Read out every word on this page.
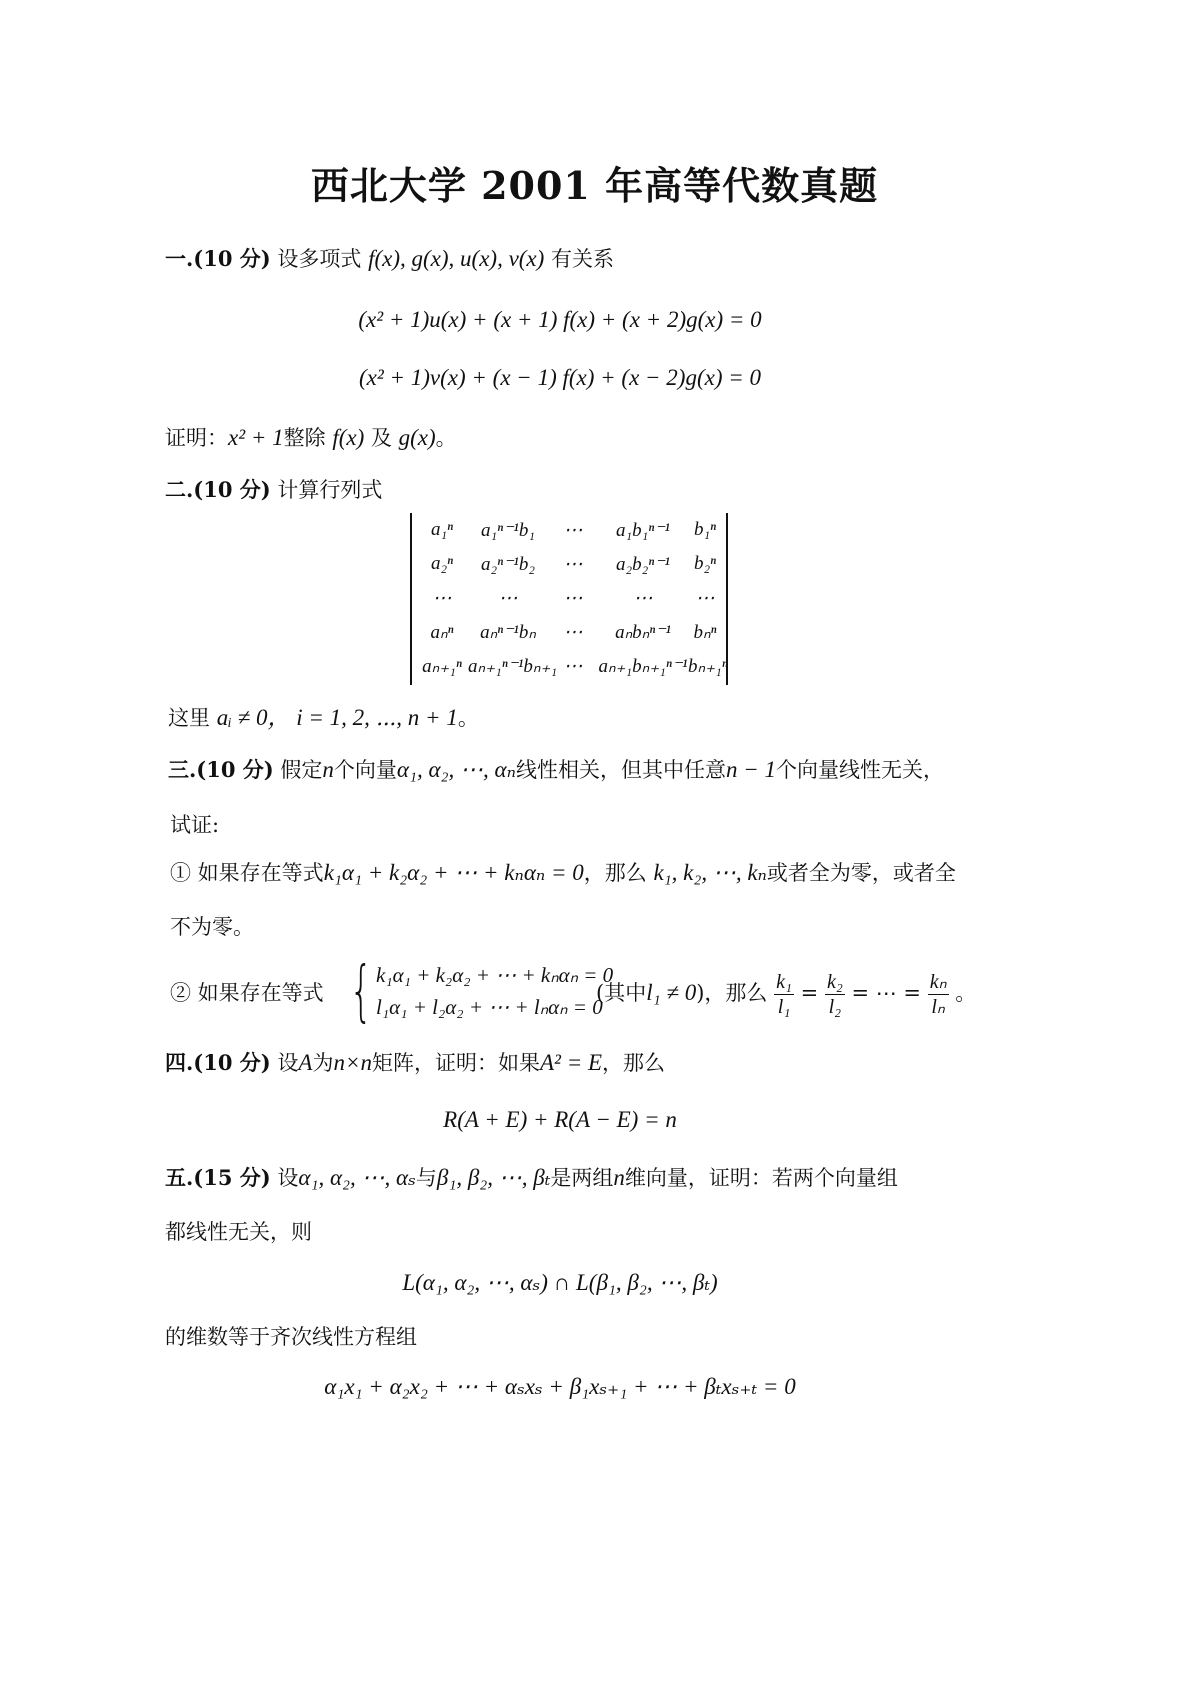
西北大学 2001 年高等代数真题
一.(10 分) 设多项式 f(x), g(x), u(x), v(x) 有关系
(x² + 1)u(x) + (x + 1) f(x) + (x + 2)g(x) = 0
(x² + 1)v(x) + (x − 1) f(x) + (x − 2)g(x) = 0
证明：x² + 1整除 f(x) 及 g(x)。
二.(10 分) 计算行列式
a₁ⁿ	a₁ⁿ⁻¹b₁	⋯	a₁b₁ⁿ⁻¹	b₁ⁿ
a₂ⁿ	a₂ⁿ⁻¹b₂	⋯	a₂b₂ⁿ⁻¹	b₂ⁿ
⋯	⋯	⋯	⋯	⋯
aₙⁿ	aₙⁿ⁻¹bₙ	⋯	aₙbₙⁿ⁻¹	bₙⁿ
aₙ₊₁ⁿ aₙ₊₁ⁿ⁻¹bₙ₊₁ ⋯ aₙ₊₁bₙ₊₁ⁿ⁻¹ bₙ₊₁ⁿ
这里 aᵢ ≠ 0， i = 1, 2, ⋯, n + 1。
三.(10 分) 假定n个向量α₁, α₂, ⋯, αₙ线性相关，但其中任意n − 1个向量线性无关，
试证:
① 如果存在等式k₁α₁ + k₂α₂ + ⋯ + kₙαₙ = 0，那么 k₁, k₂, ⋯, kₙ或者全为零，或者全
不为零。
② 如果存在等式 { k₁α₁ + k₂α₂ + ⋯ + kₙαₙ = 0
l₁α₁ + l₂α₂ + ⋯ + lₙαₙ = 0
(其中l₁ ≠ 0)，那么 $\frac{\text{k₁}}{\text{l₁}} = \frac{\text{k₂}}{\text{l₂}}$ = ⋯ = $\frac{\text{kₙ}}{\text{lₙ}}$ 。
四.(10 分) 设A为n×n矩阵，证明：如果A² = E，那么
R(A + E) + R(A − E) = n
五.(15 分) 设α₁, α₂, ⋯, αₛ与β₁, β₂, ⋯, βₜ是两组n维向量，证明：若两个向量组
都线性无关，则
L(α₁, α₂, ⋯, αₛ) ∩ L(β₁, β₂, ⋯, βₜ)
的维数等于齐次线性方程组
α₁x₁ + α₂x₂ + ⋯ + αₛxₛ + β₁xₛ₊₁ + ⋯ + βₜxₛ₊ₜ = 0
